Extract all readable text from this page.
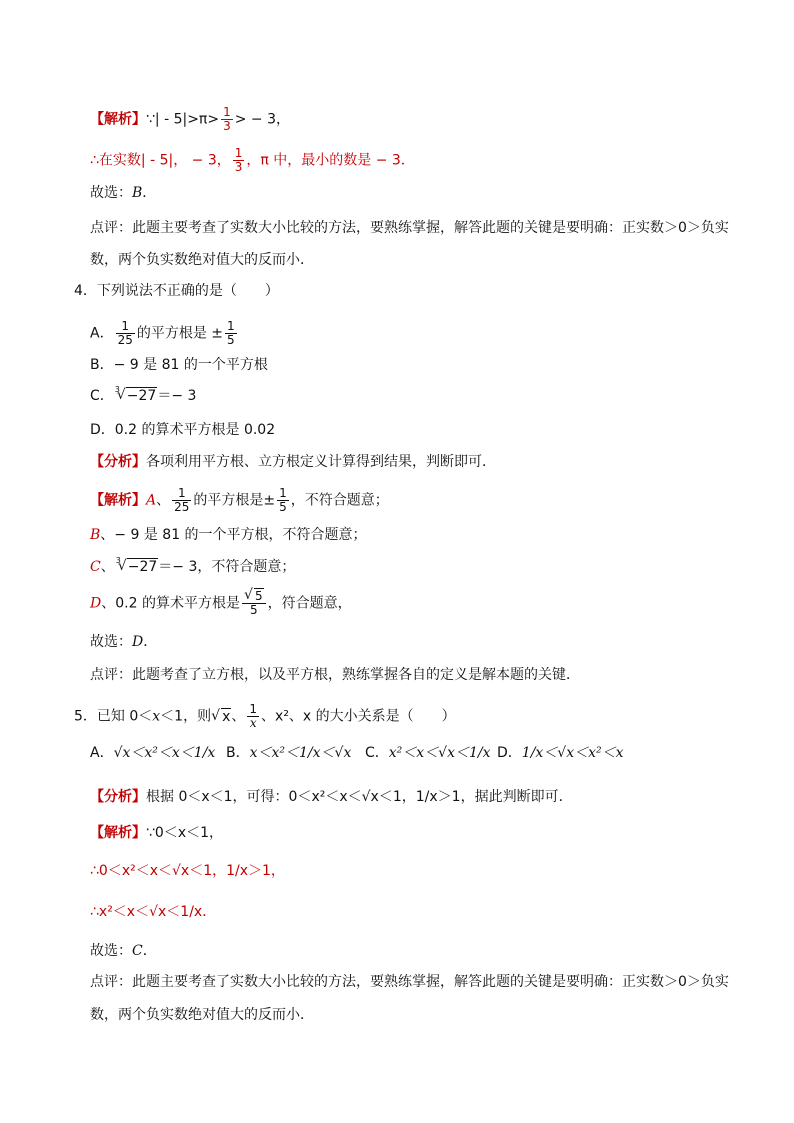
【解析】∵| - $5|>\pi> \frac{1}{3}$ > − 3，
∴在实数| - 5|， − 3， $\frac{1}{3}$ ，π 中，最小的数是 − 3．
故选：B．
点评：此题主要考查了实数大小比较的方法，要熟练掌握，解答此题的关键是要明确：正实数＞0＞负实
数，两个负实数绝对值大的反而小．
4．下列说法不正确的是（　　）
A． $\frac{1}{25}$ 的平方根是 ± $\frac{1}{5}$
B．− 9 是 81 的一个平方根
C． √ 3 −27＝− 3
D．0.2 的算术平方根是 0.02
【分析】各项利用平方根、立方根定义计算得到结果，判断即可．
【解析】A、 $\frac{1}{25}$ 的平方根是± $\frac{1}{5}$ ，不符合题意；
B、− 9 是 81 的一个平方根，不符合题意；
C、 √ 3 −27＝− 3，不符合题意；
D、0.2 的算术平方根是 √ $\frac{5}{5}$ ，符合题意，
故选：D．
点评：此题考查了立方根，以及平方根，熟练掌握各自的定义是解本题的关键．
5．已知 0＜x＜1，则 √ x、 $\frac{1}{x}$ 、x²、x 的大小关系是（　　）
A．√x＜x²＜x＜1/x B．x＜x²＜1/x＜√x C．x²＜x＜√x＜1/x D．1/x＜√x＜x²＜x
【分析】根据 0＜x＜1，可得：0＜x²＜x＜√x＜1，1/x＞1，据此判断即可．
【解析】∵0＜x＜1，
∴0＜x²＜x＜√x＜1，1/x＞1，
∴x²＜x＜√x＜1/x．
故选：C．
点评：此题主要考查了实数大小比较的方法，要熟练掌握，解答此题的关键是要明确：正实数＞0＞负实
数，两个负实数绝对值大的反而小．
